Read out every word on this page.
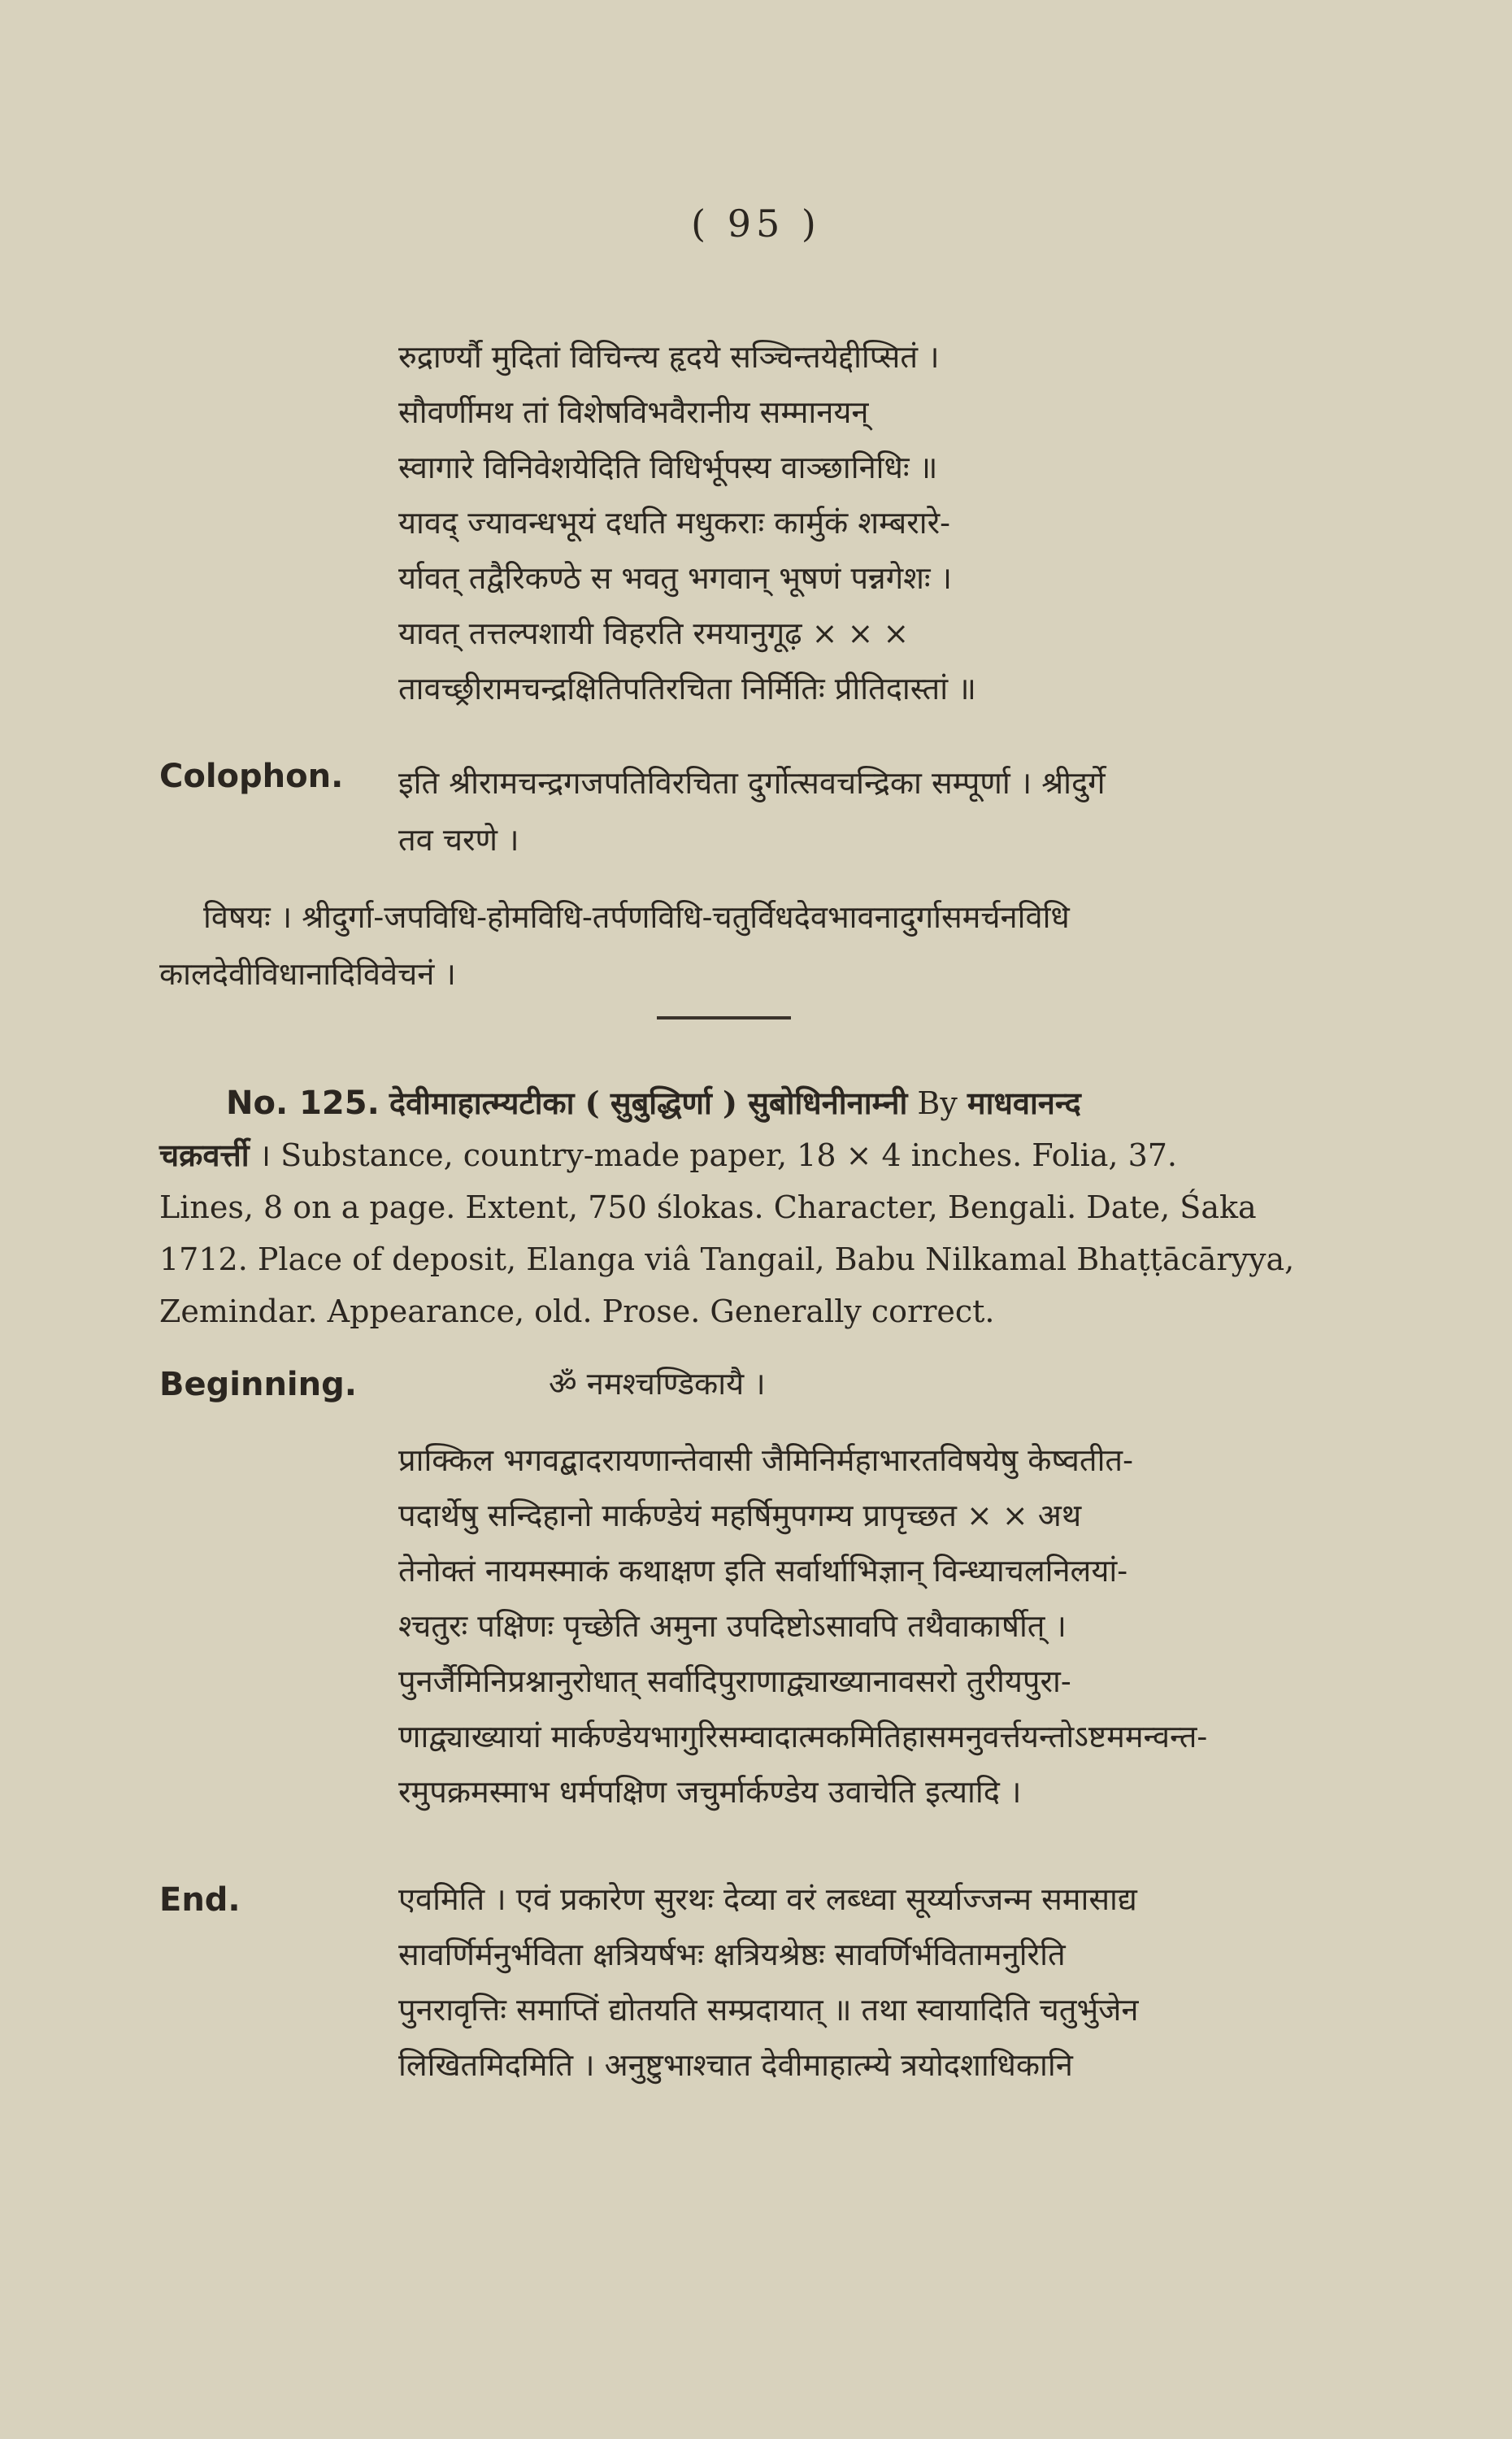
( 95 )
रुद्रार्ण्यौ मुदितां विचिन्त्य हृदये सञ्चिन्तयेद्दीप्सितं ।
सौवर्णीमथ तां विशेषविभवैरानीय सम्मानयन्
स्वागारे विनिवेशयेदिति विधिर्भूपस्य वाञ्छानिधिः ॥
यावद् ज्यावन्धभूयं दधति मधुकराः कार्मुकं शम्बरारे-
र्यावत् तद्वैरिकण्ठे स भवतु भगवान् भूषणं पन्नगेशः ।
यावत् तत्तल्पशायी विहरति रमयानुगूढ़ × × ×
तावच्छ्रीरामचन्द्रक्षितिपतिरचिता निर्मितिः प्रीतिदास्तां ॥
Colophon. इति श्रीरामचन्द्रगजपतिविरचिता दुर्गोत्सवचन्द्रिका सम्पूर्णा । श्रीदुर्गे
तव चरणे ।
विषयः । श्रीदुर्गा-जपविधि-होमविधि-तर्पणविधि-चतुर्विधदेवभावनादुर्गासमर्चनविधि
कालदेवीविधानादिविवेचनं ।
No. 125. देवीमाहात्म्यटीका ( सुबुद्धिर्णा ) सुबोधिनीनाम्नी By माधवानन्द
चक्रवर्त्ती । Substance, country-made paper, 18 × 4 inches. Folia, 37.
Lines, 8 on a page. Extent, 750 ślokas. Character, Bengali. Date, Śaka
1712. Place of deposit, Elanga viâ Tangail, Babu Nilkamal Bhaṭṭācāryya,
Zemindar. Appearance, old. Prose. Generally correct.
Beginning.	ॐ नमश्चण्डिकायै ।
प्राक्किल भगवद्बादरायणान्तेवासी जैमिनिर्महाभारतविषयेषु केष्वतीत-
पदार्थेषु सन्दिहानो मार्कण्डेयं महर्षिमुपगम्य प्रापृच्छत × × अथ
तेनोक्तं नायमस्माकं कथाक्षण इति सर्वार्थाभिज्ञान् विन्ध्याचलनिलयां-
श्चतुरः पक्षिणः पृच्छेति अमुना उपदिष्टोऽसावपि तथैवाकार्षीत् ।
पुनर्जैमिनिप्रश्नानुरोधात् सर्वादिपुराणाद्व्याख्यानावसरो तुरीयपुरा-
णाद्व्याख्यायां मार्कण्डेयभागुरिसम्वादात्मकमितिहासमनुवर्त्तयन्तोऽष्टममन्वन्त-
रमुपक्रमस्माभ धर्मपक्षिण जचुर्मार्कण्डेय उवाचेति इत्यादि ।
End.	एवमिति । एवं प्रकारेण सुरथः देव्या वरं लब्ध्वा सूर्य्याज्जन्म समासाद्य
सावर्णिर्मनुर्भविता क्षत्रियर्षभः क्षत्रियश्रेष्ठः सावर्णिर्भवितामनुरिति
पुनरावृत्तिः समाप्तिं द्योतयति सम्प्रदायात् ॥ तथा स्वायादिति चतुर्भुजेन
लिखितमिदमिति । अनुष्टुभाश्चात देवीमाहात्म्ये त्रयोदशाधिकानि
